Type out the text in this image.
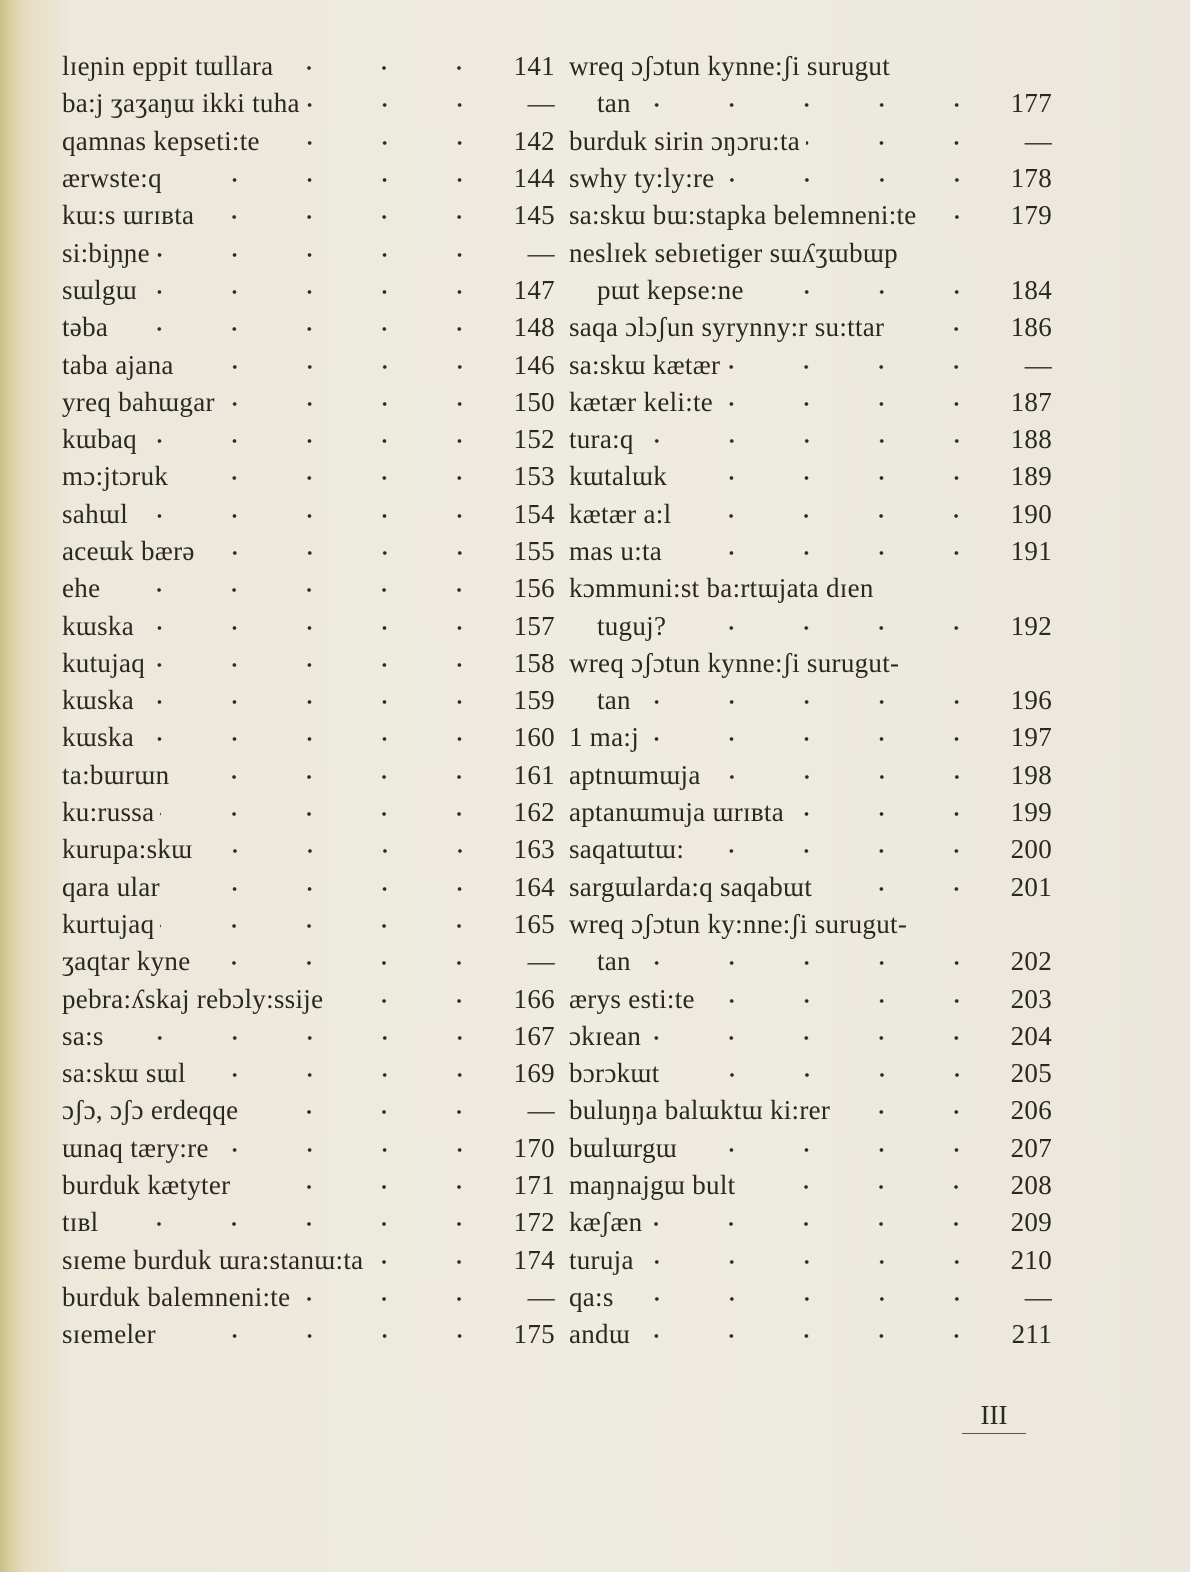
lɪeɲin eppit tɯllara	141 wreq ɔʃɔtun kynne:ʃi surugut
ba:j ʒaʒaŋɯ ikki tuha	—	tan	177
qamnas kepseti:te	142 burduk sirin ɔŋɔru:ta	—
ærwste:q	144 swhy ty:ly:re	178
kɯ:s ɯrɪʙta	145 sa:skɯ bɯ:stapka belemneni:te	179
si:biɲɲe	— neslɪek sebɪetiger sɯʎʒɯbɯp
sɯlgɯ	147	pɯt kepse:ne	184
təba	148 saqa ɔlɔʃun syrynny:r su:ttar	186
taba ajana	146 sa:skɯ kætær	—
yreq bahɯgar	150 kætær keli:te	187
kɯbaq	152 tura:q	188
mɔ:jtɔruk	153 kɯtalɯk	189
sahɯl	154 kætær a:l	190
aceɯk bærə	155 mas u:ta	191
ehe	156 kɔmmuni:st ba:rtɯjata dɪen
kɯska	157	tuguj?	192
kutujaq	158 wreq ɔʃɔtun kynne:ʃi surugut-
kɯska	159	tan	196
kɯska	160 1 ma:j	197
ta:bɯrɯn	161 aptnɯmɯja	198
ku:russa	162 aptanɯmuja ɯrɪʙta	199
kurupa:skɯ	163 saqatɯtɯ:	200
qara ular	164 sargɯlarda:q saqabɯt	201
kurtujaq	165 wreq ɔʃɔtun ky:nne:ʃi surugut-
ʒaqtar kyne	—	tan	202
pebra:ʎskaj rebɔly:ssije	166 ærys esti:te	203
sa:s	167 ɔkɪean	204
sa:skɯ sɯl	169 bɔrɔkɯt	205
ɔʃɔ, ɔʃɔ erdeqqe	— buluŋŋa balɯktɯ ki:rer	206
ɯnaq tæry:re	170 bɯlɯrgɯ	207
burduk kætyter	171 maŋnajgɯ bult	208
tɪʙl	172 kæʃæn	209
sɪeme burduk ɯra:stanɯ:ta	174 turuja	210
burduk balemneni:te	— qa:s	—
sɪemeler	175 andɯ	211
III
